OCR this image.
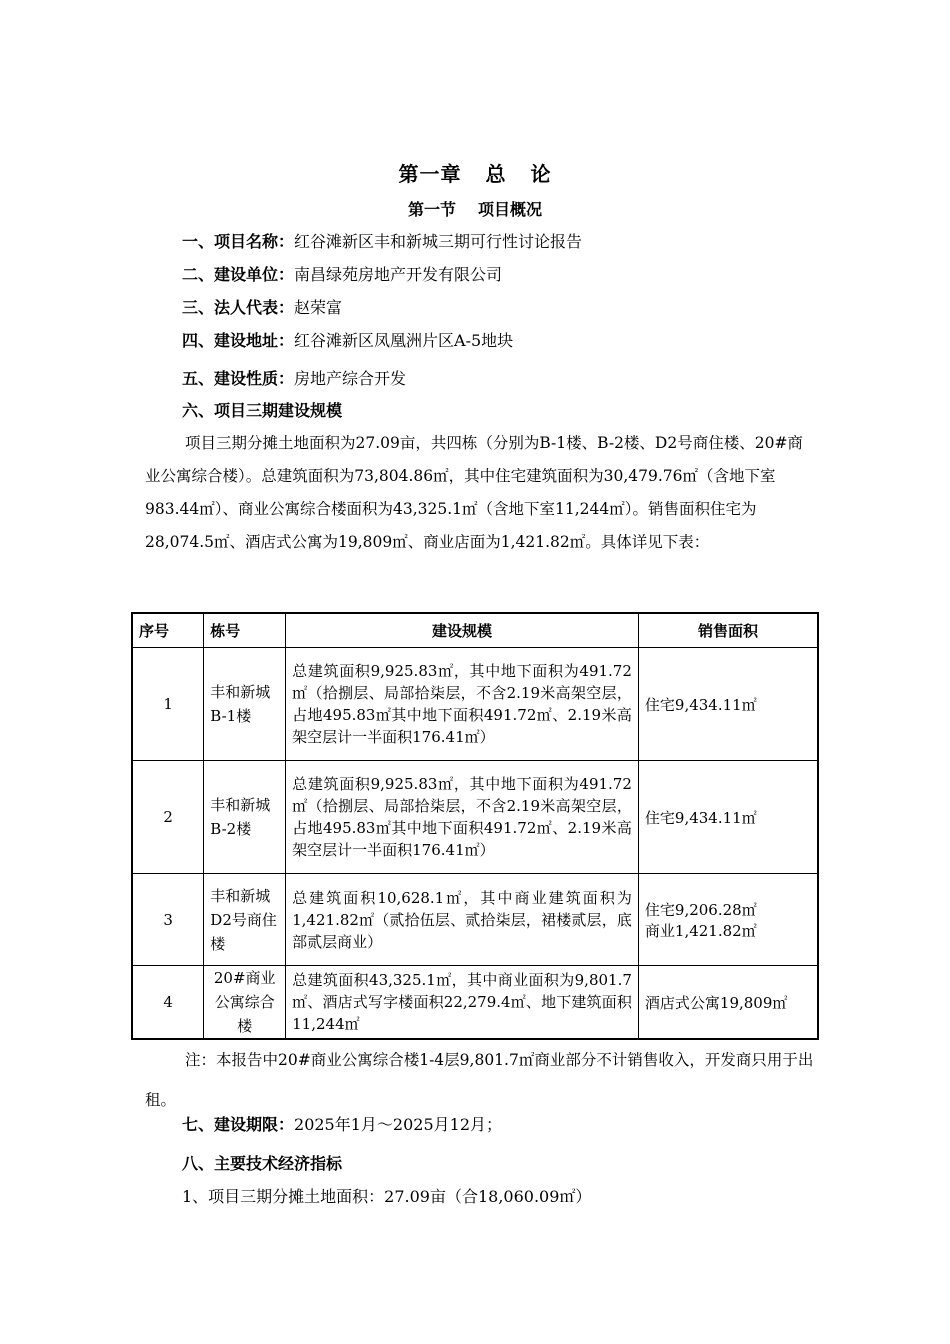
第一章 总 论
第一节 项目概况
一、项目名称：红谷滩新区丰和新城三期可行性讨论报告
二、建设单位：南昌绿苑房地产开发有限公司
三、法人代表：赵荣富
四、建设地址：红谷滩新区凤凰洲片区A-5地块
五、建设性质：房地产综合开发
六、项目三期建设规模
项目三期分摊土地面积为27.09亩，共四栋（分别为B-1楼、B-2楼、D2号商住楼、20#商业公寓综合楼）。总建筑面积为73,804.86㎡，其中住宅建筑面积为30,479.76㎡（含地下室983.44㎡）、商业公寓综合楼面积为43,325.1㎡（含地下室11,244㎡）。销售面积住宅为28,074.5㎡、酒店式公寓为19,809㎡、商业店面为1,421.82㎡。具体详见下表：
序号	栋号	建设规模	销售面积
1	丰和新城 B-1楼	总建筑面积9,925.83㎡，其中地下面积为491.72㎡（拾捌层、局部拾柒层，不含2.19米高架空层，占地495.83㎡其中地下面积491.72㎡、2.19米高架空层计一半面积176.41㎡）	住宅9,434.11㎡

2	丰和新城 B-2楼	总建筑面积9,925.83㎡，其中地下面积为491.72㎡（拾捌层、局部拾柒层，不含2.19米高架空层，占地495.83㎡其中地下面积491.72㎡、2.19米高架空层计一半面积176.41㎡）	住宅9,434.11㎡

3	丰和新城 D2号商住楼	总建筑面积10,628.1㎡，其中商业建筑面积为1,421.82㎡（贰拾伍层、贰拾柒层，裙楼贰层，底部贰层商业）	住宅9,206.28㎡
商业1,421.82㎡

4	20#商业公寓综合楼	总建筑面积43,325.1㎡，其中商业面积为9,801.7㎡、酒店式写字楼面积22,279.4㎡、地下建筑面积11,244㎡	酒店式公寓19,809㎡
注：本报告中20#商业公寓综合楼1-4层9,801.7㎡商业部分不计销售收入，开发商只用于出租。
七、建设期限：2025年1月～2025月12月；
八、主要技术经济指标
1、项目三期分摊土地面积：27.09亩（合18,060.09㎡）
